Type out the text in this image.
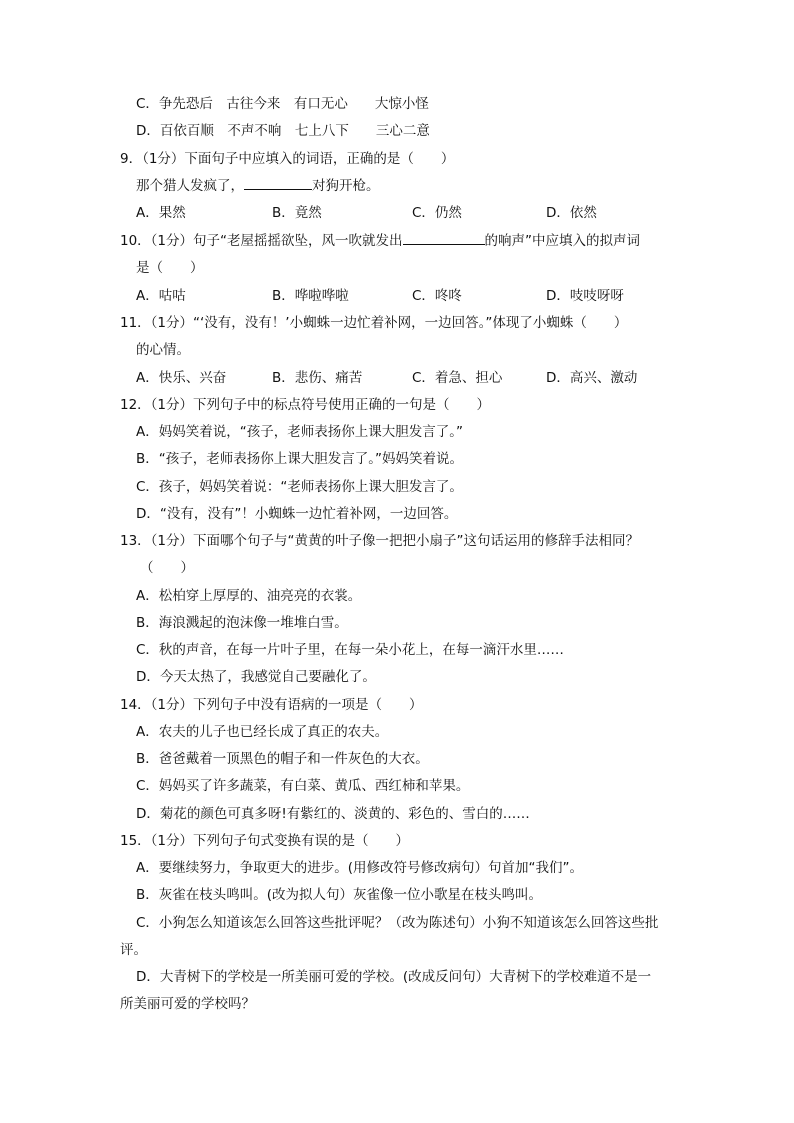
C．争先恐后　古往今来　有口无心　　大惊小怪
D．百依百顺　不声不响　七上八下　　三心二意
9．（1分）下面句子中应填入的词语，正确的是（　　）
那个猎人发疯了，	对狗开枪。
A．果然	B．竟然	C．仍然	D．依然
10．（1分）句子“老屋摇摇欲坠，风一吹就发出	的响声”中应填入的拟声词
是（　　）
A．咕咕	B．哗啦哗啦	C．咚咚	D．吱吱呀呀
11．（1分）“‘没有，没有！’小蜘蛛一边忙着补网，一边回答。”体现了小蜘蛛（　　）
的心情。
A．快乐、兴奋	B．悲伤、痛苦	C．着急、担心	D．高兴、激动
12．（1分）下列句子中的标点符号使用正确的一句是（　　）
A．妈妈笑着说，“孩子，老师表扬你上课大胆发言了。”
B．“孩子，老师表扬你上课大胆发言了。”妈妈笑着说。
C．孩子，妈妈笑着说：“老师表扬你上课大胆发言了。
D．“没有，没有”！小蜘蛛一边忙着补网，一边回答。
13．（1分）下面哪个句子与“黄黄的叶子像一把把小扇子”这句话运用的修辞手法相同？
（　　）
A．松柏穿上厚厚的、油亮亮的衣裳。
B．海浪溅起的泡沫像一堆堆白雪。
C．秋的声音，在每一片叶子里，在每一朵小花上，在每一滴汗水里……
D．今天太热了，我感觉自己要融化了。
14．（1分）下列句子中没有语病的一项是（　　）
A．农夫的儿子也已经长成了真正的农夫。
B．爸爸戴着一顶黑色的帽子和一件灰色的大衣。
C．妈妈买了许多蔬菜，有白菜、黄瓜、西红柿和苹果。
D．菊花的颜色可真多呀!有紫红的、淡黄的、彩色的、雪白的……
15．（1分）下列句子句式变换有误的是（　　）
A．要继续努力，争取更大的进步。(用修改符号修改病句）句首加“我们”。
B．灰雀在枝头鸣叫。(改为拟人句）灰雀像一位小歌星在枝头鸣叫。
C．小狗怎么知道该怎么回答这些批评呢？（改为陈述句）小狗不知道该怎么回答这些批
评。
D．大青树下的学校是一所美丽可爱的学校。(改成反问句）大青树下的学校难道不是一
所美丽可爱的学校吗？
